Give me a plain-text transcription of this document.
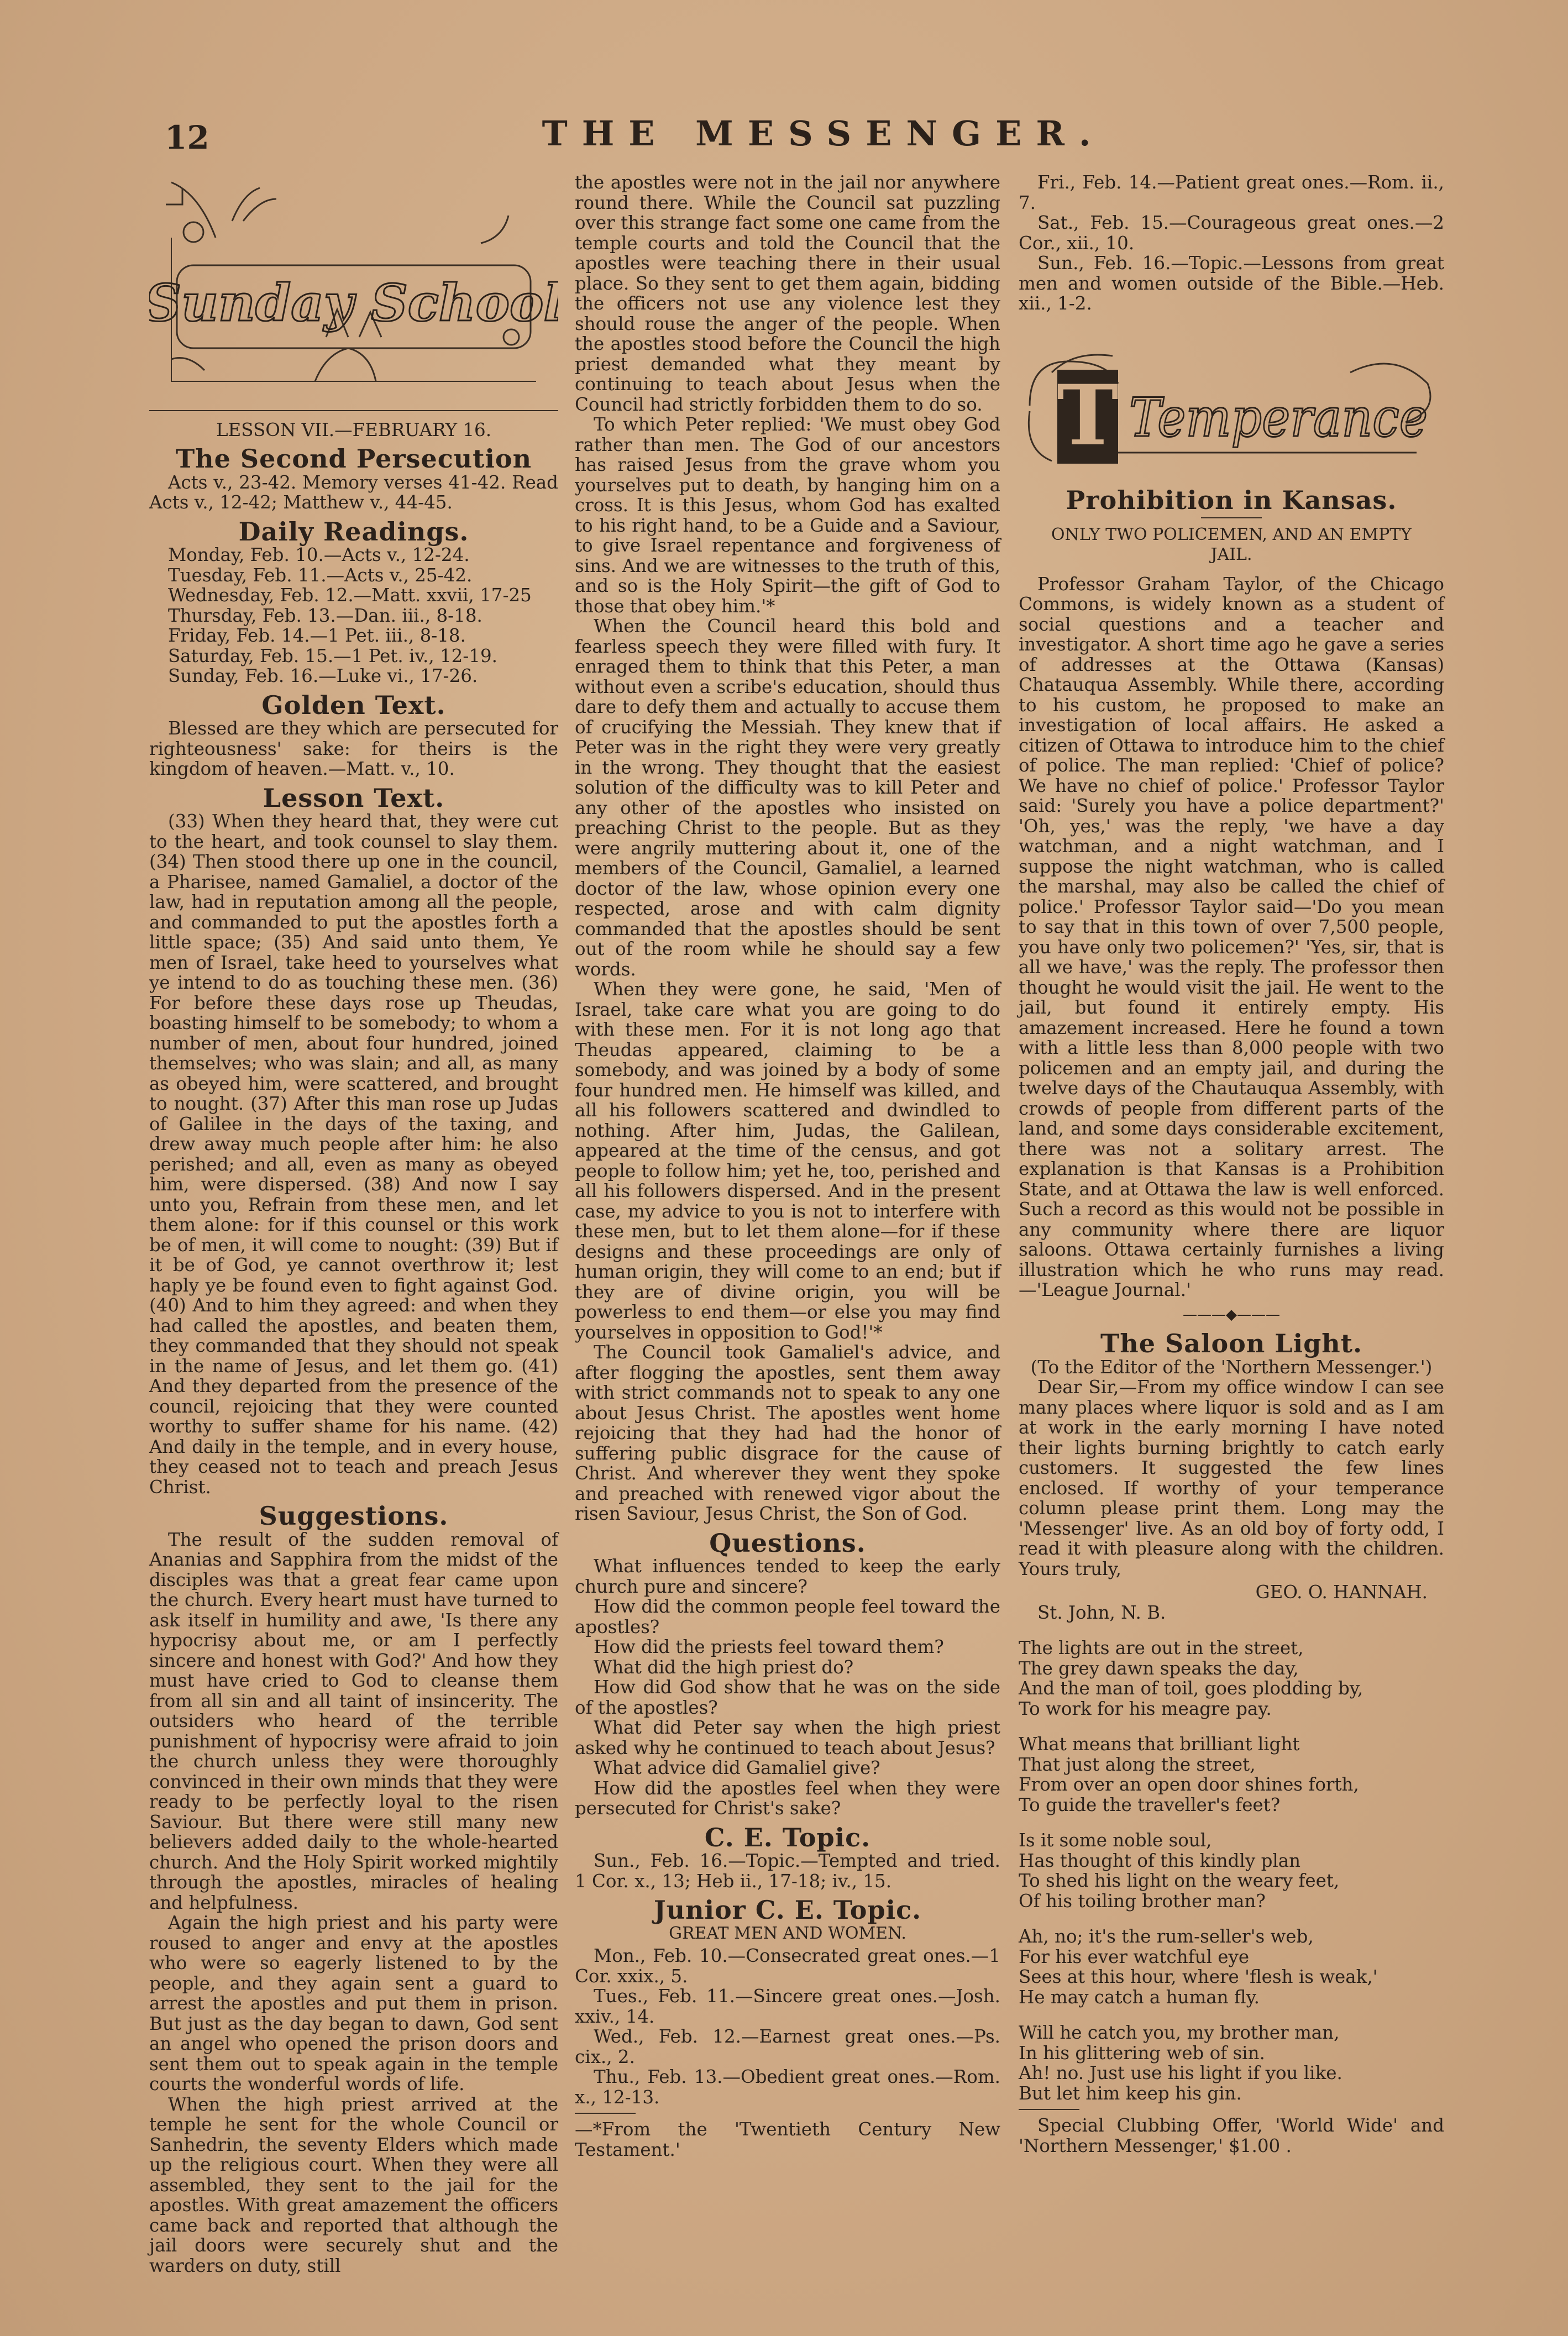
12	THE MESSENGER.
Sunday School

LESSON VII.—FEBRUARY 16.

The Second Persecution

Acts v., 23-42. Memory verses 41-42. Read Acts v., 12-42; Matthew v., 44-45.

Daily Readings.

Monday, Feb. 10.—Acts v., 12-24.

Tuesday, Feb. 11.—Acts v., 25-42.

Wednesday, Feb. 12.—Matt. xxvii, 17-25

Thursday, Feb. 13.—Dan. iii., 8-18.

Friday, Feb. 14.—1 Pet. iii., 8-18.

Saturday, Feb. 15.—1 Pet. iv., 12-19.

Sunday, Feb. 16.—Luke vi., 17-26.

Golden Text.

Blessed are they which are persecuted for righteousness' sake: for theirs is the kingdom of heaven.—Matt. v., 10.

Lesson Text.

(33) When they heard that, they were cut to the heart, and took counsel to slay them. (34) Then stood there up one in the council, a Pharisee, named Gamaliel, a doctor of the law, had in reputation among all the people, and commanded to put the apostles forth a little space; (35) And said unto them, Ye men of Israel, take heed to yourselves what ye intend to do as touching these men. (36) For before these days rose up Theudas, boasting himself to be somebody; to whom a number of men, about four hundred, joined themselves; who was slain; and all, as many as obeyed him, were scattered, and brought to nought. (37) After this man rose up Judas of Galilee in the days of the taxing, and drew away much people after him: he also perished; and all, even as many as obeyed him, were dispersed. (38) And now I say unto you, Refrain from these men, and let them alone: for if this counsel or this work be of men, it will come to nought: (39) But if it be of God, ye cannot overthrow it; lest haply ye be found even to fight against God. (40) And to him they agreed: and when they had called the apostles, and beaten them, they commanded that they should not speak in the name of Jesus, and let them go. (41) And they departed from the presence of the council, rejoicing that they were counted worthy to suffer shame for his name. (42) And daily in the temple, and in every house, they ceased not to teach and preach Jesus Christ.

Suggestions.

The result of the sudden removal of Ananias and Sapphira from the midst of the disciples was that a great fear came upon the church. Every heart must have turned to ask itself in humility and awe, 'Is there any hypocrisy about me, or am I perfectly sincere and honest with God?' And how they must have cried to God to cleanse them from all sin and all taint of insincerity. The outsiders who heard of the terrible punishment of hypocrisy were afraid to join the church unless they were thoroughly convinced in their own minds that they were ready to be perfectly loyal to the risen Saviour. But there were still many new believers added daily to the whole-hearted church. And the Holy Spirit worked mightily through the apostles, miracles of healing and helpfulness.

Again the high priest and his party were roused to anger and envy at the apostles who were so eagerly listened to by the people, and they again sent a guard to arrest the apostles and put them in prison. But just as the day began to dawn, God sent an angel who opened the prison doors and sent them out to speak again in the temple courts the wonderful words of life.

When the high priest arrived at the temple he sent for the whole Council or Sanhedrin, the seventy Elders which made up the religious court. When they were all assembled, they sent to the jail for the apostles. With great amazement the officers came back and reported that although the jail doors were securely shut and the warders on duty, still

the apostles were not in the jail nor anywhere round there. While the Council sat puzzling over this strange fact some one came from the temple courts and told the Council that the apostles were teaching there in their usual place. So they sent to get them again, bidding the officers not use any violence lest they should rouse the anger of the people. When the apostles stood before the Council the high priest demanded what they meant by continuing to teach about Jesus when the Council had strictly forbidden them to do so.

To which Peter replied: 'We must obey God rather than men. The God of our ancestors has raised Jesus from the grave whom you yourselves put to death, by hanging him on a cross. It is this Jesus, whom God has exalted to his right hand, to be a Guide and a Saviour, to give Israel repentance and forgiveness of sins. And we are witnesses to the truth of this, and so is the Holy Spirit—the gift of God to those that obey him.'*

When the Council heard this bold and fearless speech they were filled with fury. It enraged them to think that this Peter, a man without even a scribe's education, should thus dare to defy them and actually to accuse them of crucifying the Messiah. They knew that if Peter was in the right they were very greatly in the wrong. They thought that the easiest solution of the difficulty was to kill Peter and any other of the apostles who insisted on preaching Christ to the people. But as they were angrily muttering about it, one of the members of the Council, Gamaliel, a learned doctor of the law, whose opinion every one respected, arose and with calm dignity commanded that the apostles should be sent out of the room while he should say a few words.

When they were gone, he said, 'Men of Israel, take care what you are going to do with these men. For it is not long ago that Theudas appeared, claiming to be a somebody, and was joined by a body of some four hundred men. He himself was killed, and all his followers scattered and dwindled to nothing. After him, Judas, the Galilean, appeared at the time of the census, and got people to follow him; yet he, too, perished and all his followers dispersed. And in the present case, my advice to you is not to interfere with these men, but to let them alone—for if these designs and these proceedings are only of human origin, they will come to an end; but if they are of divine origin, you will be powerless to end them—or else you may find yourselves in opposition to God!'*

The Council took Gamaliel's advice, and after flogging the apostles, sent them away with strict commands not to speak to any one about Jesus Christ. The apostles went home rejoicing that they had had the honor of suffering public disgrace for the cause of Christ. And wherever they went they spoke and preached with renewed vigor about the risen Saviour, Jesus Christ, the Son of God.

Questions.

What influences tended to keep the early church pure and sincere?

How did the common people feel toward the apostles?

How did the priests feel toward them?

What did the high priest do?

How did God show that he was on the side of the apostles?

What did Peter say when the high priest asked why he continued to teach about Jesus?

What advice did Gamaliel give?

How did the apostles feel when they were persecuted for Christ's sake?

C. E. Topic.

Sun., Feb. 16.—Topic.—Tempted and tried. 1 Cor. x., 13; Heb ii., 17-18; iv., 15.

Junior C. E. Topic.
GREAT MEN AND WOMEN.

Mon., Feb. 10.—Consecrated great ones.—1 Cor. xxix., 5.

Tues., Feb. 11.—Sincere great ones.—Josh. xxiv., 14.

Wed., Feb. 12.—Earnest great ones.—Ps. cix., 2.

Thu., Feb. 13.—Obedient great ones.—Rom. x., 12-13.

—*From the 'Twentieth Century New Testament.'

Fri., Feb. 14.—Patient great ones.—Rom. ii., 7.

Sat., Feb. 15.—Courageous great ones.—2 Cor., xii., 10.

Sun., Feb. 16.—Topic.—Lessons from great men and women outside of the Bible.—Heb. xii., 1-2.

T Temperance
Prohibition in Kansas.
ONLY TWO POLICEMEN, AND AN EMPTY JAIL.

Professor Graham Taylor, of the Chicago Commons, is widely known as a student of social questions and a teacher and investigator. A short time ago he gave a series of addresses at the Ottawa (Kansas) Chatauqua Assembly. While there, according to his custom, he proposed to make an investigation of local affairs. He asked a citizen of Ottawa to introduce him to the chief of police. The man replied: 'Chief of police? We have no chief of police.' Professor Taylor said: 'Surely you have a police department?' 'Oh, yes,' was the reply, 'we have a day watchman, and a night watchman, and I suppose the night watchman, who is called the marshal, may also be called the chief of police.' Professor Taylor said—'Do you mean to say that in this town of over 7,500 people, you have only two policemen?' 'Yes, sir, that is all we have,' was the reply. The professor then thought he would visit the jail. He went to the jail, but found it entirely empty. His amazement increased. Here he found a town with a little less than 8,000 people with two policemen and an empty jail, and during the twelve days of the Chautauqua Assembly, with crowds of people from different parts of the land, and some days considerable excitement, there was not a solitary arrest. The explanation is that Kansas is a Prohibition State, and at Ottawa the law is well enforced. Such a record as this would not be possible in any community where there are liquor saloons. Ottawa certainly furnishes a living illustration which he who runs may read.—'League Journal.'

———◆———
The Saloon Light.

(To the Editor of the 'Northern Messenger.')

Dear Sir,—From my office window I can see many places where liquor is sold and as I am at work in the early morning I have noted their lights burning brightly to catch early customers. It suggested the few lines enclosed. If worthy of your temperance column please print them. Long may the 'Messenger' live. As an old boy of forty odd, I read it with pleasure along with the children. Yours truly,

GEO. O. HANNAH.

St. John, N. B.

The lights are out in the street,
The grey dawn speaks the day,
And the man of toil, goes plodding by,
To work for his meagre pay.
What means that brilliant light
That just along the street,
From over an open door shines forth,
To guide the traveller's feet?
Is it some noble soul,
Has thought of this kindly plan
To shed his light on the weary feet,
Of his toiling brother man?
Ah, no; it's the rum-seller's web,
For his ever watchful eye
Sees at this hour, where 'flesh is weak,'
He may catch a human fly.
Will he catch you, my brother man,
In his glittering web of sin.
Ah! no. Just use his light if you like.
But let him keep his gin.

Special Clubbing Offer, 'World Wide' and 'Northern Messenger,' $1.00 .
